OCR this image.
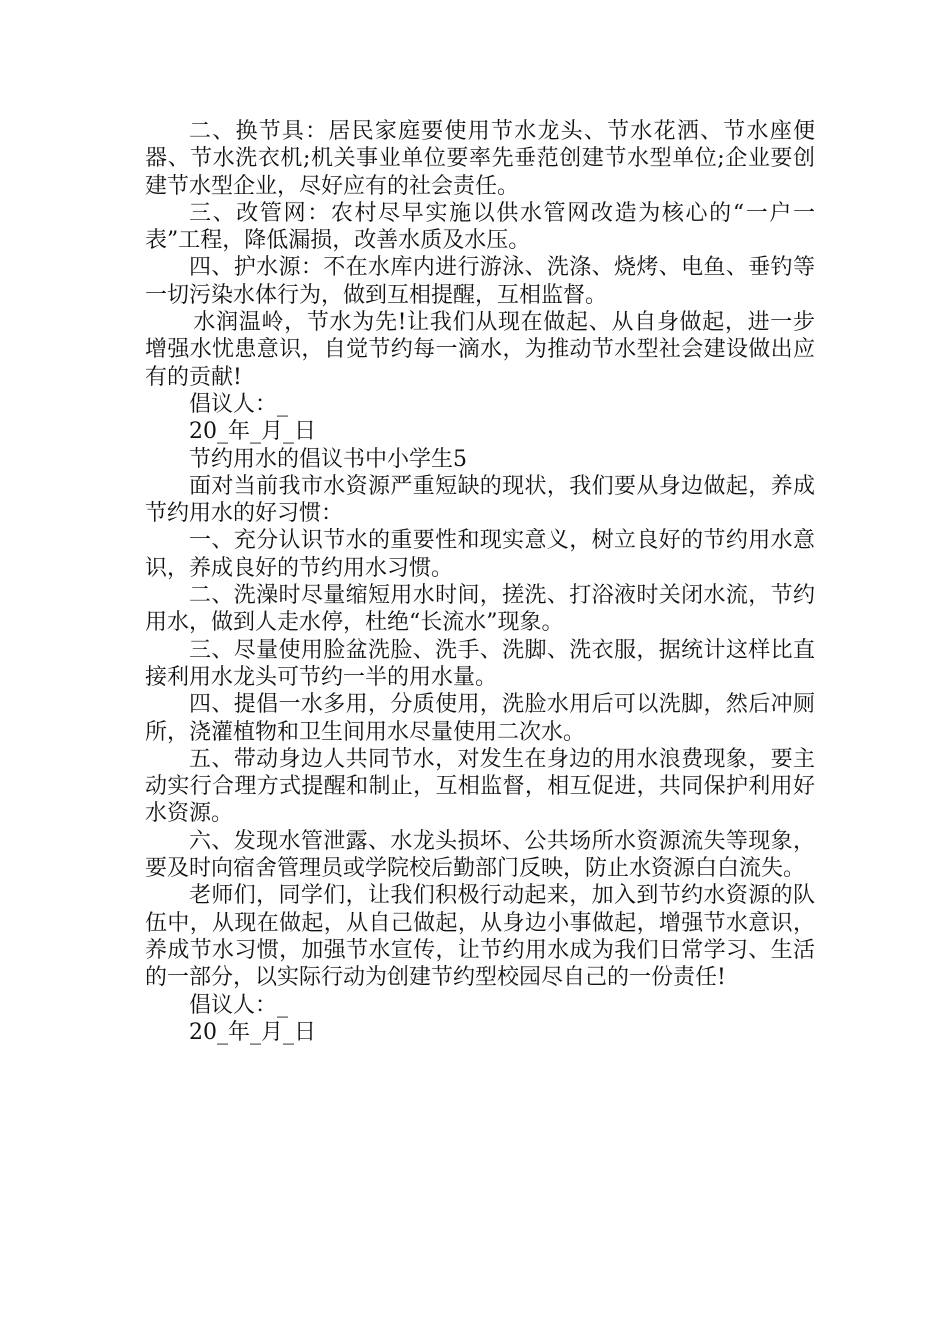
二、换节具：居民家庭要使用节水龙头、节水花洒、节水座便器、节水洗衣机;机关事业单位要率先垂范创建节水型单位;企业要创建节水型企业，尽好应有的社会责任。

三、改管网：农村尽早实施以供水管网改造为核心的“一户一表”工程，降低漏损，改善水质及水压。

四、护水源：不在水库内进行游泳、洗涤、烧烤、电鱼、垂钓等一切污染水体行为，做到互相提醒，互相监督。

水润温岭，节水为先!让我们从现在做起、从自身做起，进一步增强水忧患意识，自觉节约每一滴水，为推动节水型社会建设做出应有的贡献!

倡议人：_

20_年_月_日

节约用水的倡议书中小学生5

面对当前我市水资源严重短缺的现状，我们要从身边做起，养成节约用水的好习惯：

一、充分认识节水的重要性和现实意义，树立良好的节约用水意识，养成良好的节约用水习惯。

二、洗澡时尽量缩短用水时间，搓洗、打浴液时关闭水流，节约用水，做到人走水停，杜绝“长流水”现象。

三、尽量使用脸盆洗脸、洗手、洗脚、洗衣服，据统计这样比直接利用水龙头可节约一半的用水量。

四、提倡一水多用，分质使用，洗脸水用后可以洗脚，然后冲厕所，浇灌植物和卫生间用水尽量使用二次水。

五、带动身边人共同节水，对发生在身边的用水浪费现象，要主动实行合理方式提醒和制止，互相监督，相互促进，共同保护利用好水资源。

六、发现水管泄露、水龙头损坏、公共场所水资源流失等现象，要及时向宿舍管理员或学院校后勤部门反映，防止水资源白白流失。

老师们，同学们，让我们积极行动起来，加入到节约水资源的队伍中，从现在做起，从自己做起，从身边小事做起，增强节水意识，养成节水习惯，加强节水宣传，让节约用水成为我们日常学习、生活的一部分，以实际行动为创建节约型校园尽自己的一份责任!

倡议人：_

20_年_月_日
